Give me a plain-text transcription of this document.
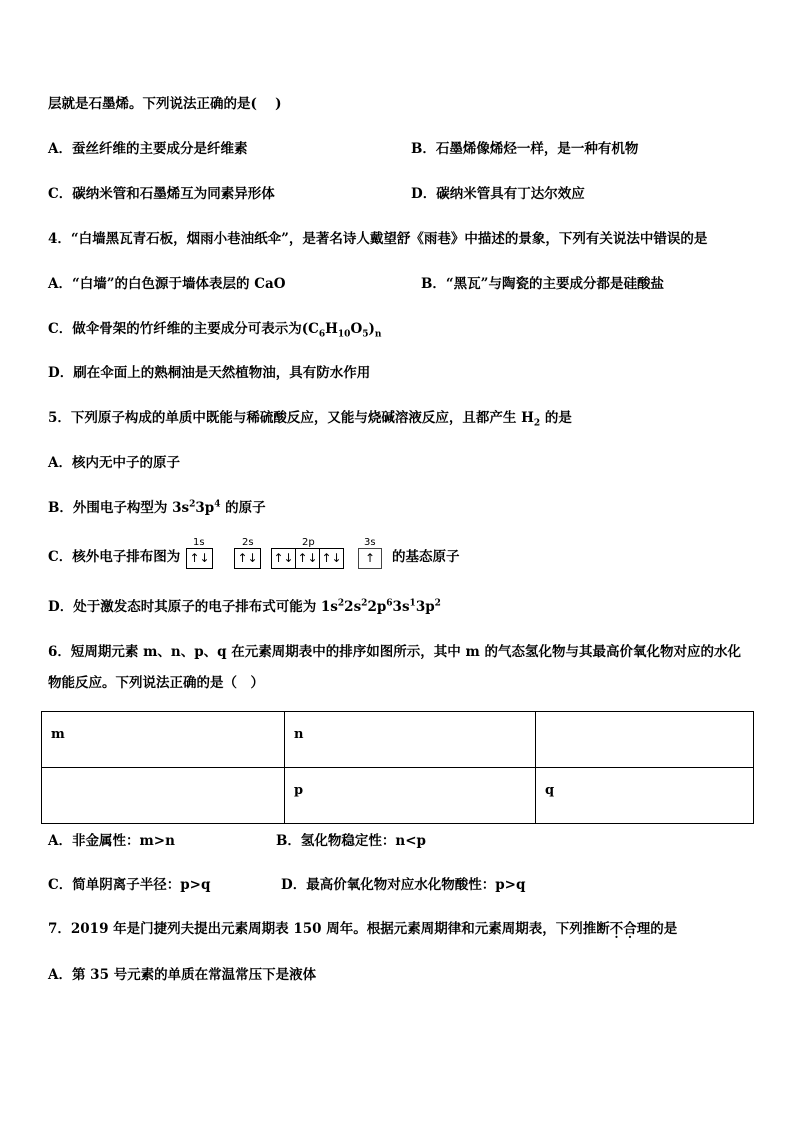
层就是石墨烯。下列说法正确的是(　 )
A．蚕丝纤维的主要成分是纤维素	B．石墨烯像烯烃一样，是一种有机物
C．碳纳米管和石墨烯互为同素异形体	D．碳纳米管具有丁达尔效应
4．“白墙黑瓦青石板，烟雨小巷油纸伞”，是著名诗人戴望舒《雨巷》中描述的景象，下列有关说法中错误的是
A．“白墙”的白色源于墙体表层的 CaO	B．“黑瓦”与陶瓷的主要成分都是硅酸盐
C．做伞骨架的竹纤维的主要成分可表示为$(C_6H_{10}O_5)_n$
D．刷在伞面上的熟桐油是天然植物油，具有防水作用
5．下列原子构成的单质中既能与稀硫酸反应，又能与烧碱溶液反应，且都产生 $H_2$ 的是
A．核内无中子的原子
B．外围电子构型为 $3s^23p^4$ 的原子
C．核外电子排布图为
1s
↑↓
2s
↑↓
2p
↑↓ ↑↓ ↑↓
3s
↑	的基态原子
D．处于激发态时其原子的电子排布式可能为 $1s^22s^22p^63s^13p^2$
6．短周期元素 m、n、p、q 在元素周期表中的排序如图所示，其中 m 的气态氢化物与其最高价氧化物对应的水化
物能反应。下列说法正确的是（　）
m	n	
	p	q
A．非金属性：m>n	B．氢化物稳定性：n<p
C．简单阴离子半径：p>q	D．最高价氧化物对应水化物酸性：p>q
7．2019 年是门捷列夫提出元素周期表 150 周年。根据元素周期律和元素周期表，下列推断不合理的是
A．第 35 号元素的单质在常温常压下是液体
